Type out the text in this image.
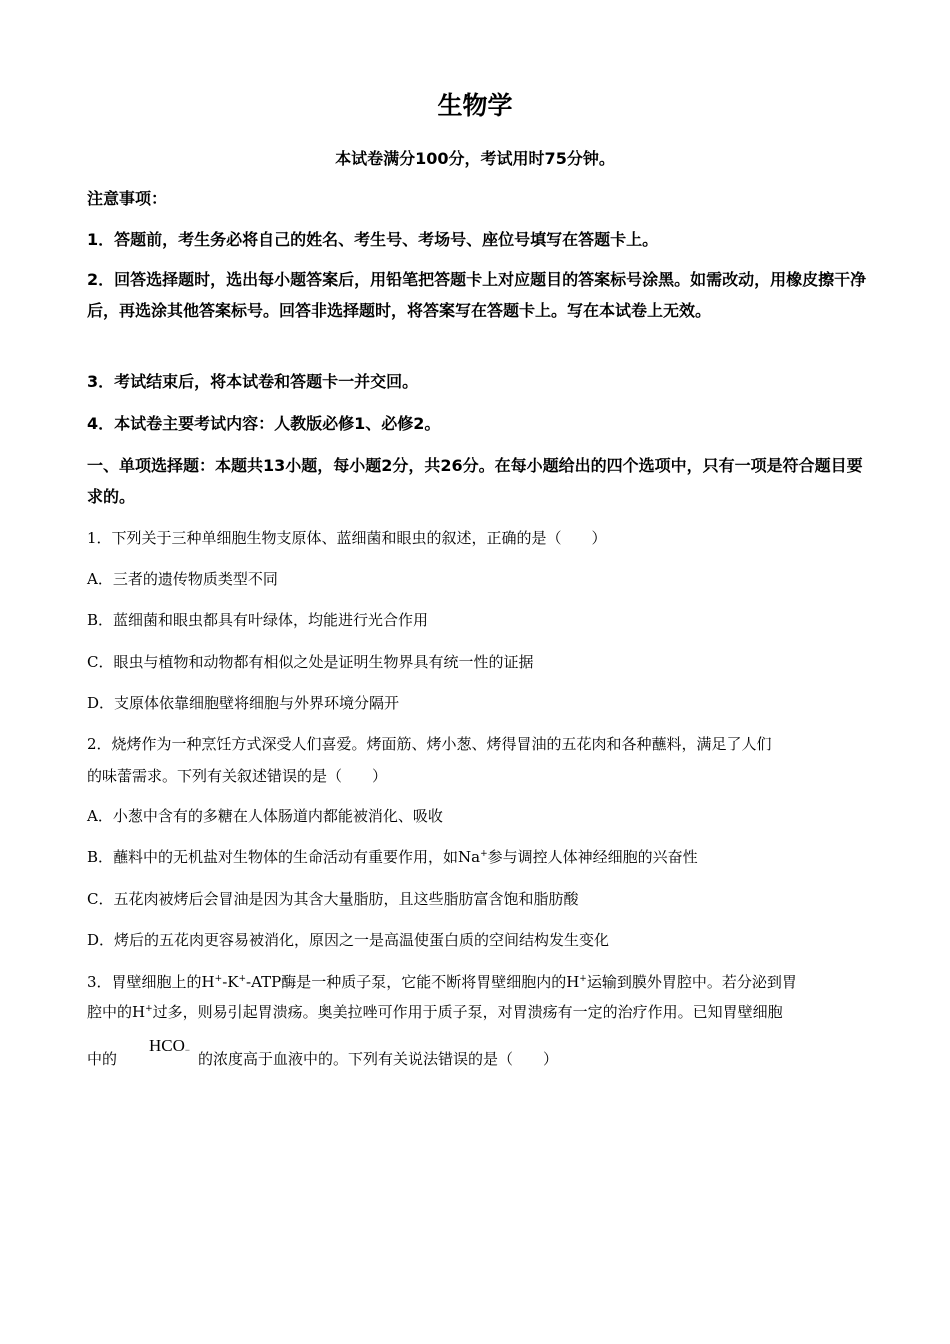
生物学
本试卷满分100分，考试用时75分钟。
注意事项：
1．答题前，考生务必将自己的姓名、考生号、考场号、座位号填写在答题卡上。
2．回答选择题时，选出每小题答案后，用铅笔把答题卡上对应题目的答案标号涂黑。如需改动，用橡皮擦干净后，再选涂其他答案标号。回答非选择题时，将答案写在答题卡上。写在本试卷上无效。
3．考试结束后，将本试卷和答题卡一并交回。
4．本试卷主要考试内容：人教版必修1、必修2。
一、单项选择题：本题共13小题，每小题2分，共26分。在每小题给出的四个选项中，只有一项是符合题目要求的。
1．下列关于三种单细胞生物支原体、蓝细菌和眼虫的叙述，正确的是（　　）
A．三者的遗传物质类型不同
B．蓝细菌和眼虫都具有叶绿体，均能进行光合作用
C．眼虫与植物和动物都有相似之处是证明生物界具有统一性的证据
D．支原体依靠细胞壁将细胞与外界环境分隔开
2．烧烤作为一种烹饪方式深受人们喜爱。烤面筋、烤小葱、烤得冒油的五花肉和各种蘸料，满足了人们
的味蕾需求。下列有关叙述错误的是（　　）
A．小葱中含有的多糖在人体肠道内都能被消化、吸收
B．蘸料中的无机盐对生物体的生命活动有重要作用，如Na+参与调控人体神经细胞的兴奋性
C．五花肉被烤后会冒油是因为其含大量脂肪，且这些脂肪富含饱和脂肪酸
D．烤后的五花肉更容易被消化，原因之一是高温使蛋白质的空间结构发生变化
3．胃壁细胞上的H+-K+-ATP酶是一种质子泵，它能不断将胃壁细胞内的H+运输到膜外胃腔中。若分泌到胃
腔中的H+过多，则易引起胃溃疡。奥美拉唑可作用于质子泵，对胃溃疡有一定的治疗作用。已知胃壁细胞
中的HCO− 的浓度高于血液中的。下列有关说法错误的是（　　）
